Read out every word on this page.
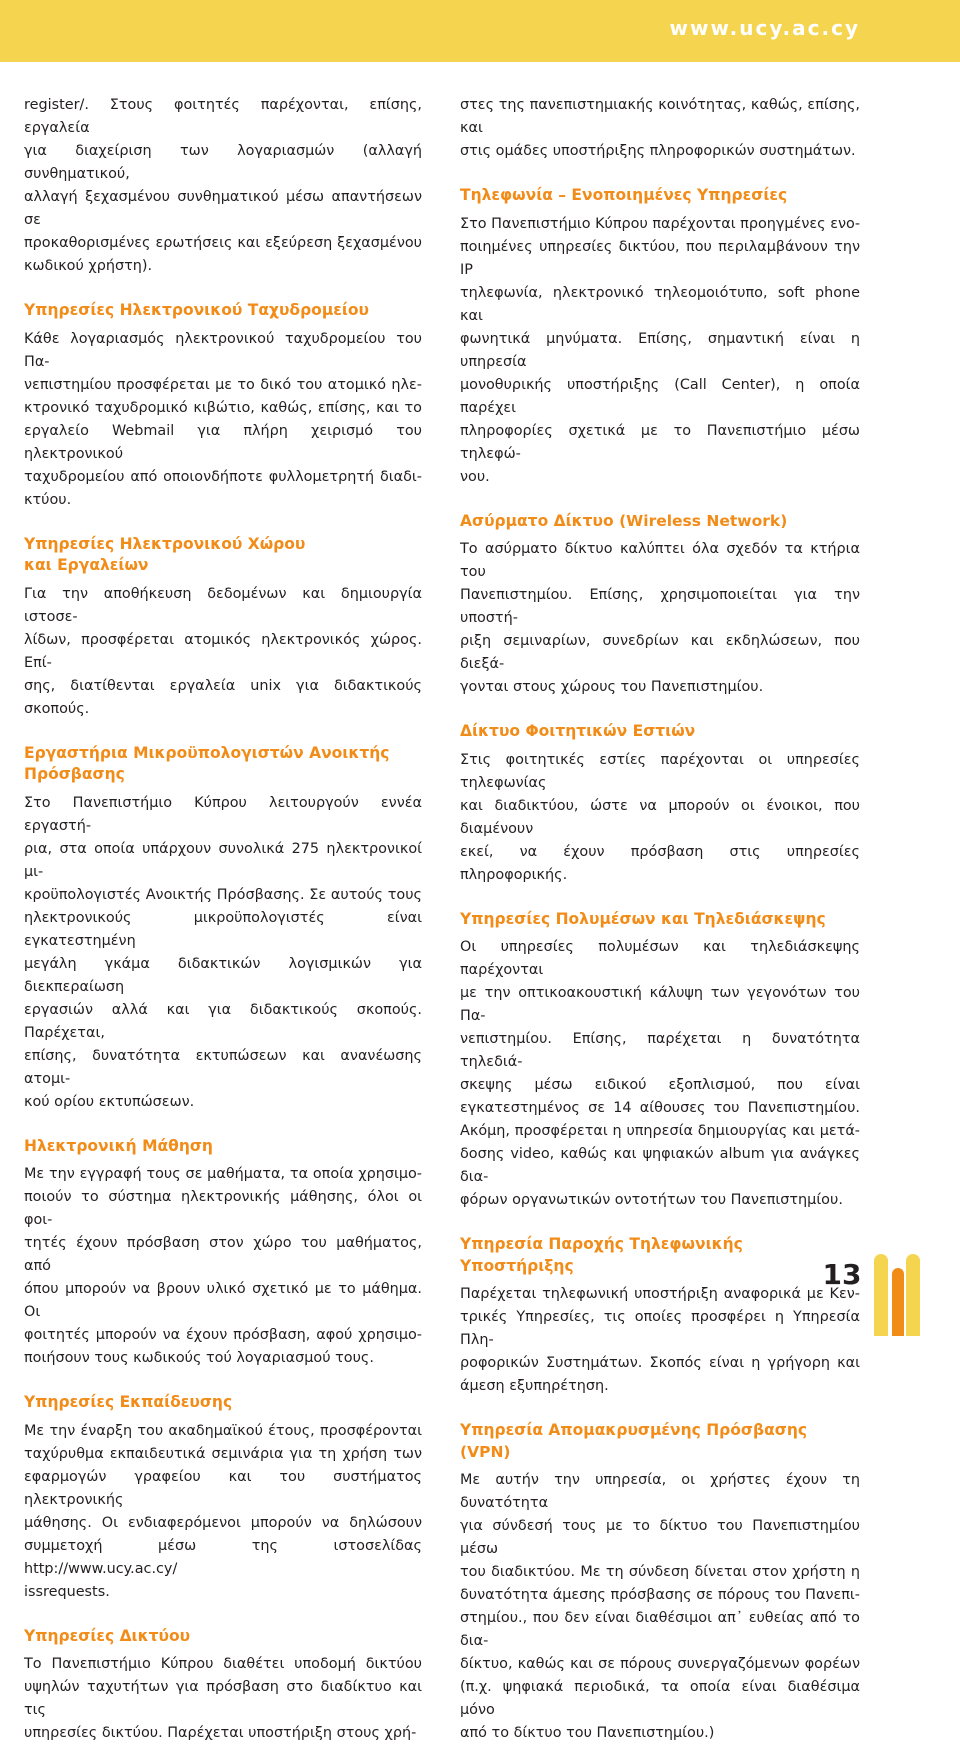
www.ucy.ac.cy

register/. Στους φοιτητές παρέχονται, επίσης, εργαλεία
για διαχείριση των λογαριασμών (αλλαγή συνθηματικού,
αλλαγή ξεχασμένου συνθηματικού μέσω απαντήσεων σε
προκαθορισμένες ερωτήσεις και εξεύρεση ξεχασμένου
κωδικού χρήστη).

Υπηρεσίες Ηλεκτρονικού Ταχυδρομείου

Κάθε λογαριασμός ηλεκτρονικού ταχυδρομείου του Πα-
νεπιστημίου προσφέρεται με το δικό του ατομικό ηλε-
κτρονικό ταχυδρομικό κιβώτιο, καθώς, επίσης, και το
εργαλείο Webmail για πλήρη χειρισμό του ηλεκτρονικού
ταχυδρομείου από οποιονδήποτε φυλλομετρητή διαδι-
κτύου.

Υπηρεσίες Ηλεκτρονικού Χώρου
και Εργαλείων

Για την αποθήκευση δεδομένων και δημιουργία ιστοσε-
λίδων, προσφέρεται ατομικός ηλεκτρονικός χώρος. Επί-
σης, διατίθενται εργαλεία unix για διδακτικούς σκοπούς.

Εργαστήρια Μικροϋπολογιστών Ανοικτής
Πρόσβασης

Στο Πανεπιστήμιο Κύπρου λειτουργούν εννέα εργαστή-
ρια, στα οποία υπάρχουν συνολικά 275 ηλεκτρονικοί μι-
κροϋπολογιστές Ανοικτής Πρόσβασης. Σε αυτούς τους
ηλεκτρονικούς μικροϋπολογιστές είναι εγκατεστημένη
μεγάλη γκάμα διδακτικών λογισμικών για διεκπεραίωση
εργασιών αλλά και για διδακτικούς σκοπούς. Παρέχεται,
επίσης, δυνατότητα εκτυπώσεων και ανανέωσης ατομι-
κού ορίου εκτυπώσεων.

Ηλεκτρονική Μάθηση

Με την εγγραφή τους σε μαθήματα, τα οποία χρησιμο-
ποιούν το σύστημα ηλεκτρονικής μάθησης, όλοι οι φοι-
τητές έχουν πρόσβαση στον χώρο του μαθήματος, από
όπου μπορούν να βρουν υλικό σχετικό με το μάθημα. Οι
φοιτητές μπορούν να έχουν πρόσβαση, αφού χρησιμο-
ποιήσουν τους κωδικούς τού λογαριασμού τους.

Υπηρεσίες Εκπαίδευσης

Με την έναρξη του ακαδημαϊκού έτους, προσφέρονται
ταχύρυθμα εκπαιδευτικά σεμινάρια για τη χρήση των
εφαρμογών γραφείου και του συστήματος ηλεκτρονικής
μάθησης. Οι ενδιαφερόμενοι μπορούν να δηλώσουν
συμμετοχή μέσω της ιστοσελίδας http://www.ucy.ac.cy/
issrequests.

Υπηρεσίες Δικτύου

Το Πανεπιστήμιο Κύπρου διαθέτει υποδομή δικτύου
υψηλών ταχυτήτων για πρόσβαση στο διαδίκτυο και τις
υπηρεσίες δικτύου. Παρέχεται υποστήριξη στους χρή-

στες της πανεπιστημιακής κοινότητας, καθώς, επίσης, και
στις ομάδες υποστήριξης πληροφορικών συστημάτων.

Τηλεφωνία – Ενοποιημένες Υπηρεσίες

Στο Πανεπιστήμιο Κύπρου παρέχονται προηγμένες ενο-
ποιημένες υπηρεσίες δικτύου, που περιλαμβάνουν την IP
τηλεφωνία, ηλεκτρονικό τηλεομοιότυπο, soft phone και
φωνητικά μηνύματα. Επίσης, σημαντική είναι η υπηρεσία
μονοθυρικής υποστήριξης (Call Center), η οποία παρέχει
πληροφορίες σχετικά με το Πανεπιστήμιο μέσω τηλεφώ-
νου.

Ασύρματο Δίκτυο (Wireless Network)

Το ασύρματο δίκτυο καλύπτει όλα σχεδόν τα κτήρια του
Πανεπιστημίου. Επίσης, χρησιμοποιείται για την υποστή-
ριξη σεμιναρίων, συνεδρίων και εκδηλώσεων, που διεξά-
γονται στους χώρους του Πανεπιστημίου.

Δίκτυο Φοιτητικών Εστιών

Στις φοιτητικές εστίες παρέχονται οι υπηρεσίες τηλεφωνίας
και διαδικτύου, ώστε να μπορούν οι ένοικοι, που διαμένουν
εκεί, να έχουν πρόσβαση στις υπηρεσίες πληροφορικής.

Υπηρεσίες Πολυμέσων και Τηλεδιάσκεψης

Οι υπηρεσίες πολυμέσων και τηλεδιάσκεψης παρέχονται
με την οπτικοακουστική κάλυψη των γεγονότων του Πα-
νεπιστημίου. Επίσης, παρέχεται η δυνατότητα τηλεδιά-
σκεψης μέσω ειδικού εξοπλισμού, που είναι
εγκατεστημένος σε 14 αίθουσες του Πανεπιστημίου.
Ακόμη, προσφέρεται η υπηρεσία δημιουργίας και μετά-
δοσης video, καθώς και ψηφιακών album για ανάγκες δια-
φόρων οργανωτικών οντοτήτων του Πανεπιστημίου.

Υπηρεσία Παροχής Τηλεφωνικής Υποστήριξης

Παρέχεται τηλεφωνική υποστήριξη αναφορικά με Κεν-
τρικές Υπηρεσίες, τις οποίες προσφέρει η Υπηρεσία Πλη-
ροφορικών Συστημάτων. Σκοπός είναι η γρήγορη και
άμεση εξυπηρέτηση.

Υπηρεσία Απομακρυσμένης Πρόσβασης (VPN)

Με αυτήν την υπηρεσία, οι χρήστες έχουν τη δυνατότητα
για σύνδεσή τους με το δίκτυο του Πανεπιστημίου μέσω
του διαδικτύου. Με τη σύνδεση δίνεται στον χρήστη η
δυνατότητα άμεσης πρόσβασης σε πόρους του Πανεπι-
στημίου., που δεν είναι διαθέσιμοι απ᾽ ευθείας από το δια-
δίκτυο, καθώς και σε πόρους συνεργαζόμενων φορέων
(π.χ. ψηφιακά περιοδικά, τα οποία είναι διαθέσιμα μόνο
από το δίκτυο του Πανεπιστημίου.)

13
